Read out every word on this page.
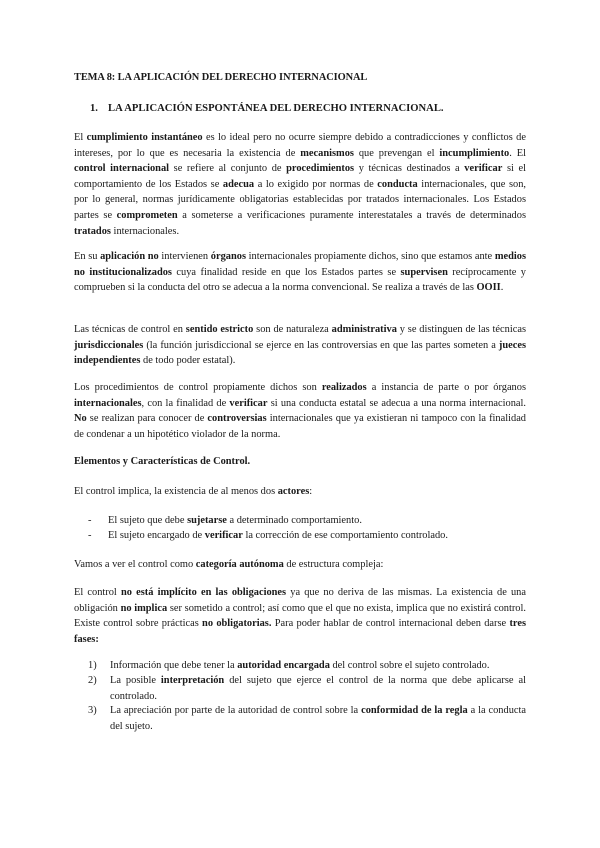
TEMA 8: LA APLICACIÓN DEL DERECHO INTERNACIONAL
1. LA APLICACIÓN ESPONTÁNEA DEL DERECHO INTERNACIONAL.
El cumplimiento instantáneo es lo ideal pero no ocurre siempre debido a contradicciones y conflictos de intereses, por lo que es necesaria la existencia de mecanismos que prevengan el incumplimiento. El control internacional se refiere al conjunto de procedimientos y técnicas destinados a verificar si el comportamiento de los Estados se adecua a lo exigido por normas de conducta internacionales, que son, por lo general, normas jurídicamente obligatorias establecidas por tratados internacionales. Los Estados partes se comprometen a someterse a verificaciones puramente interestatales a través de determinados tratados internacionales.
En su aplicación no intervienen órganos internacionales propiamente dichos, sino que estamos ante medios no institucionalizados cuya finalidad reside en que los Estados partes se supervisen recíprocamente y comprueben si la conducta del otro se adecua a la norma convencional. Se realiza a través de las OOII.
Las técnicas de control en sentido estricto son de naturaleza administrativa y se distinguen de las técnicas jurisdiccionales (la función jurisdiccional se ejerce en las controversias en que las partes someten a jueces independientes de todo poder estatal).
Los procedimientos de control propiamente dichos son realizados a instancia de parte o por órganos internacionales, con la finalidad de verificar si una conducta estatal se adecua a una norma internacional. No se realizan para conocer de controversias internacionales que ya existieran ni tampoco con la finalidad de condenar a un hipotético violador de la norma.
Elementos y Características de Control.
El control implica, la existencia de al menos dos actores:
- El sujeto que debe sujetarse a determinado comportamiento.
- El sujeto encargado de verificar la corrección de ese comportamiento controlado.
Vamos a ver el control como categoría autónoma de estructura compleja:
El control no está implícito en las obligaciones ya que no deriva de las mismas. La existencia de una obligación no implica ser sometido a control; así como que el que no exista, implica que no existirá control. Existe control sobre prácticas no obligatorias. Para poder hablar de control internacional deben darse tres fases:
1) Información que debe tener la autoridad encargada del control sobre el sujeto controlado.
2) La posible interpretación del sujeto que ejerce el control de la norma que debe aplicarse al controlado.
3) La apreciación por parte de la autoridad de control sobre la conformidad de la regla a la conducta del sujeto.
